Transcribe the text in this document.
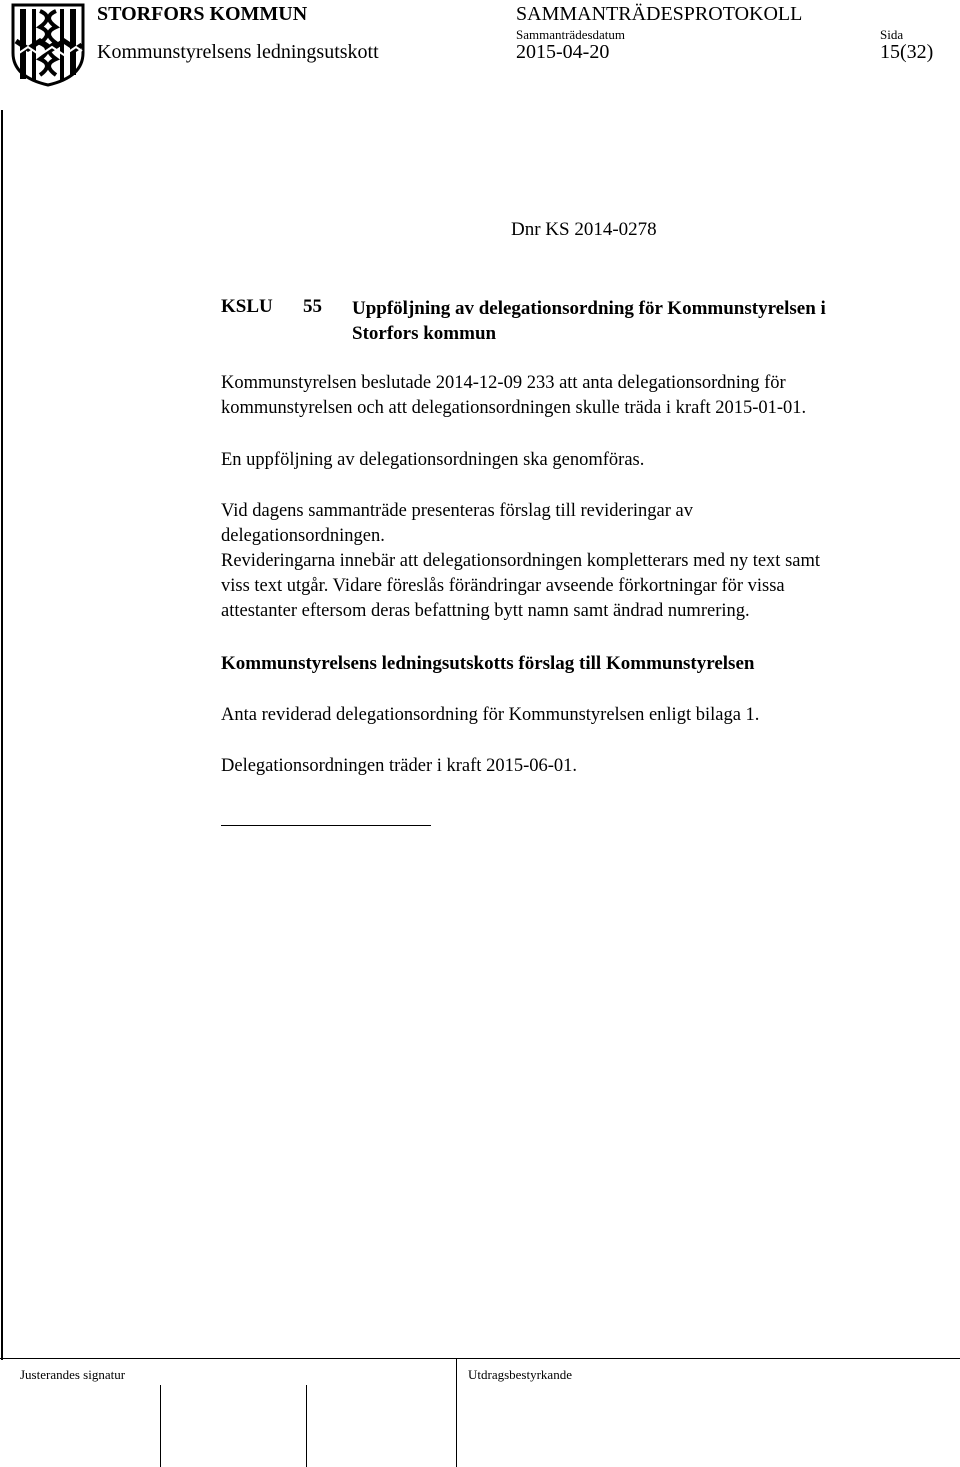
STORFORS KOMMUN
Kommunstyrelsens ledningsutskott
SAMMANTRÄDESPROTOKOLL
Sammanträdesdatum
2015-04-20
Sida
15(32)
Dnr KS 2014-0278
KSLU 55 Uppföljning av delegationsordning för Kommunstyrelsen i
Storfors kommun
Kommunstyrelsen beslutade 2014-12-09 233 att anta delegationsordning för
kommunstyrelsen och att delegationsordningen skulle träda i kraft 2015-01-01.
En uppföljning av delegationsordningen ska genomföras.
Vid dagens sammanträde presenteras förslag till revideringar av
delegationsordningen.
Revideringarna innebär att delegationsordningen kompletterars med ny text samt
viss text utgår. Vidare föreslås förändringar avseende förkortningar för vissa
attestanter eftersom deras befattning bytt namn samt ändrad numrering.
Kommunstyrelsens ledningsutskotts förslag till Kommunstyrelsen
Anta reviderad delegationsordning för Kommunstyrelsen enligt bilaga 1.
Delegationsordningen träder i kraft 2015-06-01.
Justerandes signatur	Utdragsbestyrkande
